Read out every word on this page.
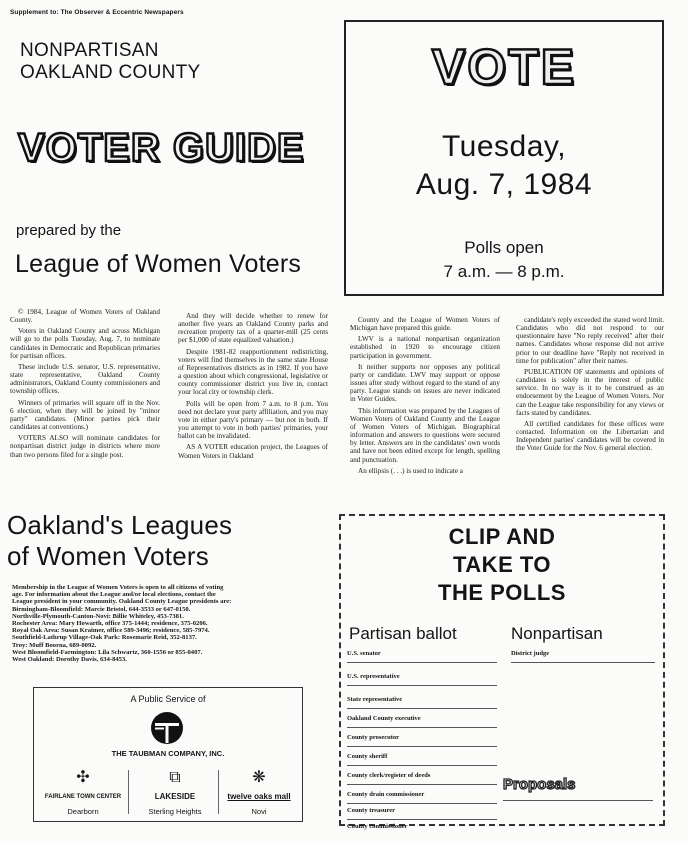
Supplement to: The Observer & Eccentric Newspapers
NONPARTISAN
OAKLAND COUNTY
VOTER GUIDE
prepared by the
League of Women Voters
VOTE
Tuesday,
Aug. 7, 1984
Polls open
7 a.m. — 8 p.m.

© 1984, League of Women Voters of Oakland County.

Voters in Oakland County and across Michigan will go to the polls Tuesday, Aug. 7, to nominate candidates in Democratic and Republican primaries for partisan offices.

These include U.S. senator, U.S. representative, state representative, Oakland County administrators, Oakland County commissioners and township offices.

Winners of primaries will square off in the Nov. 6 election, when they will be joined by "minor party" candidates. (Minor parties pick their candidates at conventions.)

VOTERS ALSO will nominate candidates for nonpartisan district judge in districts where more than two persons filed for a single post.

And they will decide whether to renew for another five years an Oakland County parks and recreation property tax of a quarter-mill (25 cents per $1,000 of state equalized valuation.)

Despite 1981-82 reapportionment redistricting, voters will find themselves in the same state House of Representatives districts as in 1982. If you have a question about which congressional, legislative or county commissioner district you live in, contact your local city or township clerk.

Polls will be open from 7 a.m. to 8 p.m. You need not declare your party affiliation, and you may vote in either party's primary — but not in both. If you attempt to vote in both parties' primaries, your ballot can be invalidated.

AS A VOTER education project, the Leagues of Women Voters in Oakland

County and the League of Women Voters of Michigan have prepared this guide.

LWV is a national nonpartisan organization established in 1920 to encourage citizen participation in government.

It neither supports nor opposes any political party or candidate. LWV may support or oppose issues after study without regard to the stand of any party. League stands on issues are never indicated in Voter Guides.

This information was prepared by the Leagues of Women Voters of Oakland County and the League of Women Voters of Michigan. Biographical information and answers to questions were secured by letter. Answers are in the candidates' own words and have not been edited except for length, spelling and punctuation.

An ellipsis (. . .) is used to indicate a

candidate's reply exceeded the stated word limit. Candidates who did not respond to our questionnaire have "No reply received" after their names. Candidates whose response did not arrive prior to our deadline have "Reply not received in time for publication" after their names.

PUBLICATION OF statements and opinions of candidates is solely in the interest of public service. In no way is it to be construed as an endorsement by the League of Women Voters. Nor can the League take responsibility for any views or facts stated by candidates.

All certified candidates for these offices were contacted. Information on the Libertarian and Independent parties' candidates will be covered in the Voter Guide for the Nov. 6 general election.

Oakland's Leagues
of Women Voters
Membership in the League of Women Voters is open to all citizens of voting
age. For information about the League and/or local elections, contact the
League president in your community. Oakland County League presidents are:
Birmingham-Bloomfield: Marcie Bristol, 644-3533 or 647-0150.
Northville-Plymouth-Canton-Novi: Billie Whiteley, 453-7381.
Rochester Area: Mary Howarth, office 375-1444; residence, 375-0206.
Royal Oak Area: Susan Kraimer, office 589-3496; residence, 585-7974.
Southfield-Lathrup Village-Oak Park: Rosemarie Reid, 352-8137.
Troy: Muff Boorna, 689-0092.
West Bloomfield-Farmington: Lila Schwartz, 360-1556 or 855-0407.
West Oakland: Dorothy Davis, 634-8453.
A Public Service of
THE TAUBMAN COMPANY, INC.
✣
FAIRLANE TOWN CENTER
Dearborn
⧉
LAKESIDE
Sterling Heights
❋
twelve oaks mall
Novi
CLIP AND
TAKE TO
THE POLLS
Partisan ballot	Nonpartisan
U.S. senator
U.S. representative
State representative
Oakland County executive
County prosecutor
County sheriff
County clerk/register of deeds
County drain commissioner
County treasurer
County commissioner
District judge
Proposals
